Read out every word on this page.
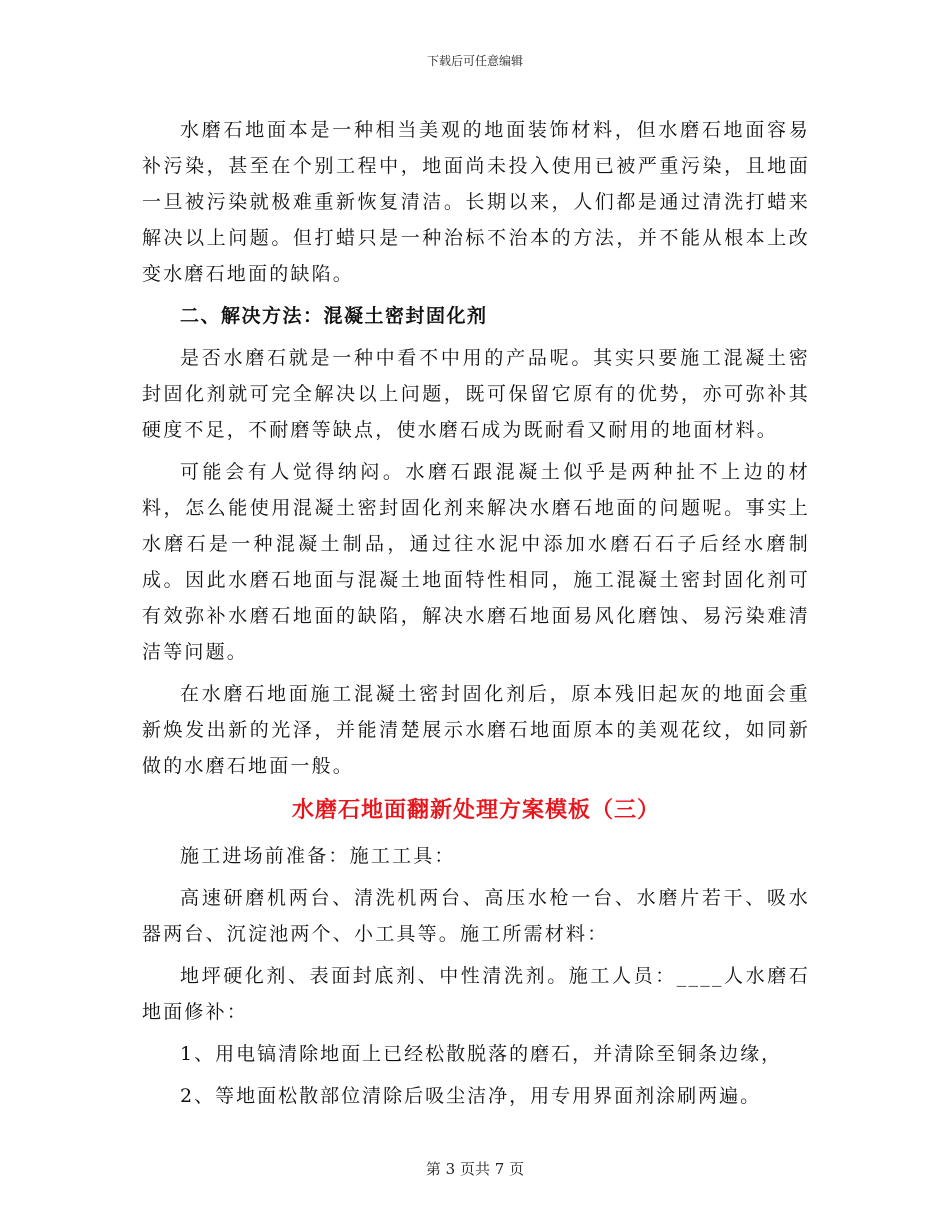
下载后可任意编辑

水磨石地面本是一种相当美观的地面装饰材料，但水磨石地面容易补污染，甚至在个别工程中，地面尚未投入使用已被严重污染，且地面一旦被污染就极难重新恢复清洁。长期以来，人们都是通过清洗打蜡来解决以上问题。但打蜡只是一种治标不治本的方法，并不能从根本上改变水磨石地面的缺陷。

二、解决方法：混凝土密封固化剂

是否水磨石就是一种中看不中用的产品呢。其实只要施工混凝土密封固化剂就可完全解决以上问题，既可保留它原有的优势，亦可弥补其硬度不足，不耐磨等缺点，使水磨石成为既耐看又耐用的地面材料。

可能会有人觉得纳闷。水磨石跟混凝土似乎是两种扯不上边的材料，怎么能使用混凝土密封固化剂来解决水磨石地面的问题呢。事实上水磨石是一种混凝土制品，通过往水泥中添加水磨石石子后经水磨制成。因此水磨石地面与混凝土地面特性相同，施工混凝土密封固化剂可有效弥补水磨石地面的缺陷，解决水磨石地面易风化磨蚀、易污染难清洁等问题。

在水磨石地面施工混凝土密封固化剂后，原本残旧起灰的地面会重新焕发出新的光泽，并能清楚展示水磨石地面原本的美观花纹，如同新做的水磨石地面一般。

水磨石地面翻新处理方案模板（三）

施工进场前准备：施工工具：

高速研磨机两台、清洗机两台、高压水枪一台、水磨片若干、吸水器两台、沉淀池两个、小工具等。施工所需材料：

地坪硬化剂、表面封底剂、中性清洗剂。施工人员：____人水磨石地面修补：

1、用电镐清除地面上已经松散脱落的磨石，并清除至铜条边缘，

2、等地面松散部位清除后吸尘洁净，用专用界面剂涂刷两遍。

第 3 页共 7 页
